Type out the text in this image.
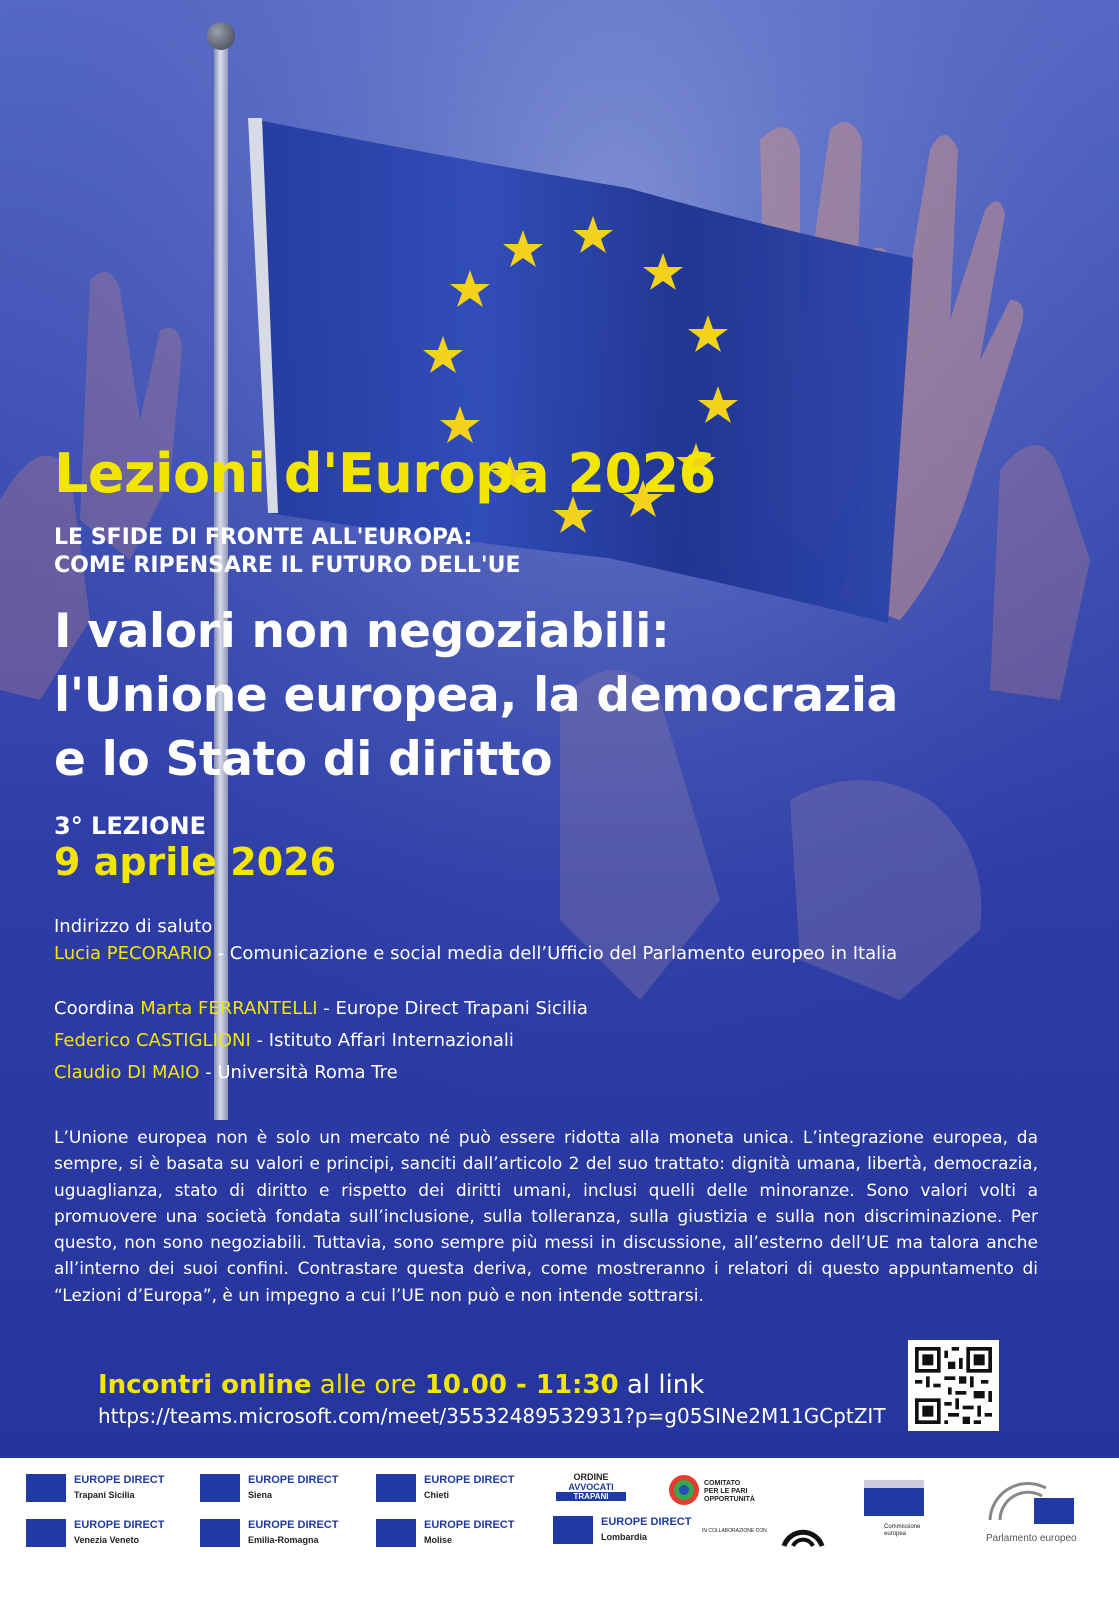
Lezioni d'Europa 2026
LE SFIDE DI FRONTE ALL'EUROPA:
COME RIPENSARE IL FUTURO DELL'UE
I valori non negoziabili:
l'Unione europea, la democrazia
e lo Stato di diritto
3° LEZIONE
9 aprile 2026
Indirizzo di saluto
Lucia PECORARIO - Comunicazione e social media dell’Ufficio del Parlamento europeo in Italia
Coordina Marta FERRANTELLI - Europe Direct Trapani Sicilia
Federico CASTIGLIONI - Istituto Affari Internazionali
Claudio DI MAIO - Università Roma Tre

L’Unione europea non è solo un mercato né può essere ridotta alla moneta unica. L’integrazione europea, da sempre, si è basata su valori e principi, sanciti dall’articolo 2 del suo trattato: dignità umana, libertà, democrazia, uguaglianza, stato di diritto e rispetto dei diritti umani, inclusi quelli delle minoranze. Sono valori volti a promuovere una società fondata sull’inclusione, sulla tolleranza, sulla giustizia e sulla non discriminazione. Per questo, non sono negoziabili. Tuttavia, sono sempre più messi in discussione, all’esterno dell’UE ma talora anche all’interno dei suoi confini. Contrastare questa deriva, come mostreranno i relatori di questo appuntamento di “Lezioni d’Europa”, è un impegno a cui l’UE non può e non intende sottrarsi.

Incontri online alle ore 10.00 - 11:30 al link
https://teams.microsoft.com/meet/35532489532931?p=g05SINe2M11GCptZIT
EUROPE DIRECT
Trapani Sicilia
EUROPE DIRECT
Siena
EUROPE DIRECT
Chieti
EUROPE DIRECT
Venezia Veneto
EUROPE DIRECT
Emilia-Romagna
EUROPE DIRECT
Molise
EUROPE DIRECT
Lombardia
ORDINE
AVVOCATI
TRAPANI
COMITATO
PER LE PARI
OPPORTUNITÀ
IN COLLABORAZIONE CON
Commissione
europea	Parlamento europeo
